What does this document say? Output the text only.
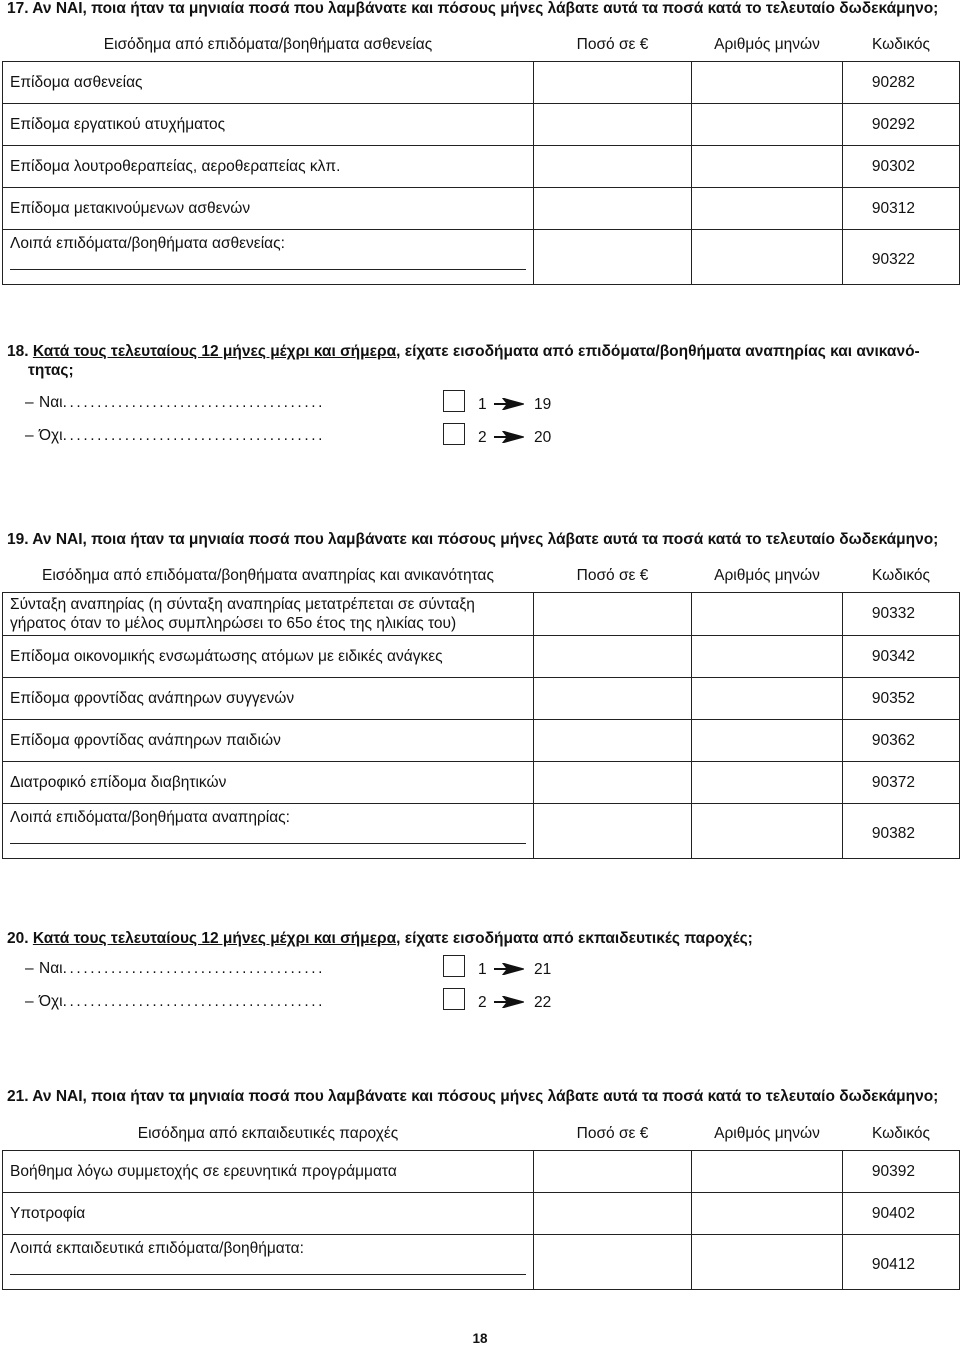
17. Αν ΝΑΙ, ποια ήταν τα μηνιαία ποσά που λαμβάνατε και πόσους μήνες λάβατε αυτά τα ποσά κατά το τελευταίο δωδεκάμηνο;
Εισόδημα από επιδόματα/βοηθήματα ασθενείας	Ποσό σε €	Αριθμός μηνών	Κωδικός
Επίδομα ασθενείας			90282
Επίδομα εργατικού ατυχήματος			90292
Επίδομα λουτροθεραπείας, αεροθεραπείας κλπ.			90302
Επίδομα μετακινούμενων ασθενών			90312

Λοιπά επιδόματα/βοηθήματα ασθενείας:			90322
18. Κατά τους τελευταίους 12 μήνες μέχρι και σήμερα, είχατε εισοδήματα από επιδόματα/βοηθήματα αναπηρίας και ανικανό-
τητας;
– Ναι......................................	1	19
– Όχι......................................	2	20
19. Αν ΝΑΙ, ποια ήταν τα μηνιαία ποσά που λαμβάνατε και πόσους μήνες λάβατε αυτά τα ποσά κατά το τελευταίο δωδεκάμηνο;
Εισόδημα από επιδόματα/βοηθήματα αναπηρίας και ανικανότητας	Ποσό σε €	Αριθμός μηνών	Κωδικός

Σύνταξη αναπηρίας (η σύνταξη αναπηρίας μετατρέπεται σε σύνταξη
γήρατος όταν το μέλος συμπληρώσει το 65ο έτος της ηλικίας του)			90332
Επίδομα οικονομικής ενσωμάτωσης ατόμων με ειδικές ανάγκες			90342
Επίδομα φροντίδας ανάπηρων συγγενών			90352
Επίδομα φροντίδας ανάπηρων παιδιών			90362
Διατροφικό επίδομα διαβητικών			90372

Λοιπά επιδόματα/βοηθήματα αναπηρίας:			90382
20. Κατά τους τελευταίους 12 μήνες μέχρι και σήμερα, είχατε εισοδήματα από εκπαιδευτικές παροχές;
– Ναι......................................	1	21
– Όχι......................................	2	22
21. Αν ΝΑΙ, ποια ήταν τα μηνιαία ποσά που λαμβάνατε και πόσους μήνες λάβατε αυτά τα ποσά κατά το τελευταίο δωδεκάμηνο;
Εισόδημα από εκπαιδευτικές παροχές	Ποσό σε €	Αριθμός μηνών	Κωδικός
Βοήθημα λόγω συμμετοχής σε ερευνητικά προγράμματα			90392
Υποτροφία			90402

Λοιπά εκπαιδευτικά επιδόματα/βοηθήματα:			90412
18
